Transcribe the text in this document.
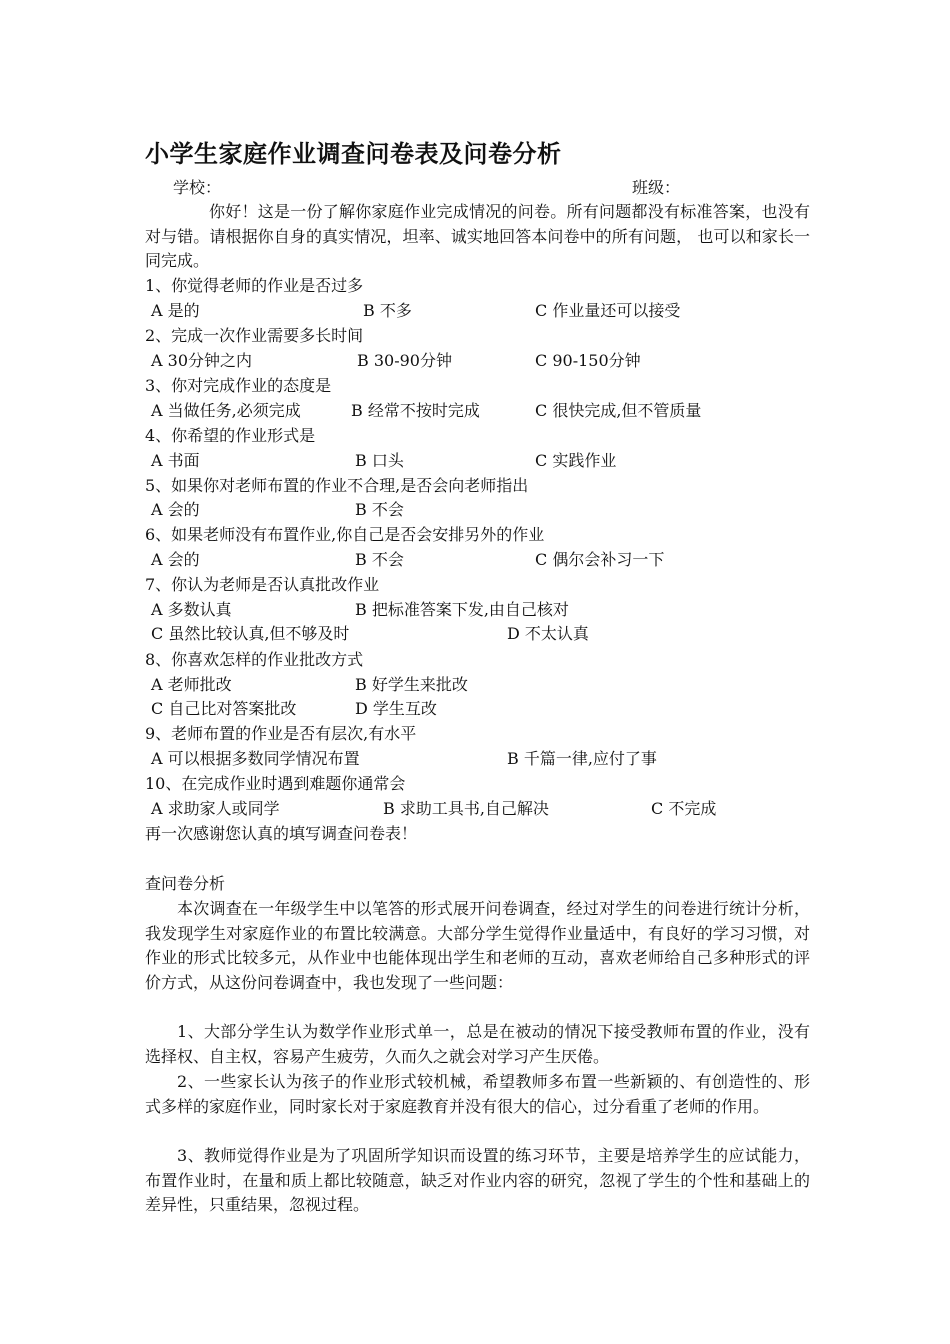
小学生家庭作业调查问卷表及问卷分析
学校：	班级：
你好！这是一份了解你家庭作业完成情况的问卷。所有问题都没有标准答案，也没有对与错。请根据你自身的真实情况，坦率、诚实地回答本问卷中的所有问题， 也可以和家长一同完成。
1、你觉得老师的作业是否过多
A 是的	B 不多	C 作业量还可以接受
2、完成一次作业需要多长时间
A 30分钟之内	B 30-90分钟	C 90-150分钟
3、你对完成作业的态度是
A 当做任务,必须完成	B 经常不按时完成	C 很快完成,但不管质量
4、你希望的作业形式是
A 书面	B 口头	C 实践作业
5、如果你对老师布置的作业不合理,是否会向老师指出
A 会的	B 不会
6、如果老师没有布置作业,你自己是否会安排另外的作业
A 会的	B 不会	C 偶尔会补习一下
7、你认为老师是否认真批改作业
A 多数认真	B 把标准答案下发,由自己核对
C 虽然比较认真,但不够及时	D 不太认真
8、你喜欢怎样的作业批改方式
A 老师批改	B 好学生来批改
C 自己比对答案批改	D 学生互改
9、老师布置的作业是否有层次,有水平
A 可以根据多数同学情况布置	B 千篇一律,应付了事
10、在完成作业时遇到难题你通常会
A 求助家人或同学	B 求助工具书,自己解决	C 不完成
再一次感谢您认真的填写调查问卷表！
查问卷分析
本次调查在一年级学生中以笔答的形式展开问卷调查，经过对学生的问卷进行统计分析，我发现学生对家庭作业的布置比较满意。大部分学生觉得作业量适中，有良好的学习习惯，对作业的形式比较多元，从作业中也能体现出学生和老师的互动，喜欢老师给自己多种形式的评价方式，从这份问卷调查中，我也发现了一些问题：
1、大部分学生认为数学作业形式单一，总是在被动的情况下接受教师布置的作业，没有选择权、自主权，容易产生疲劳，久而久之就会对学习产生厌倦。
2、一些家长认为孩子的作业形式较机械，希望教师多布置一些新颖的、有创造性的、形式多样的家庭作业，同时家长对于家庭教育并没有很大的信心，过分看重了老师的作用。
3、教师觉得作业是为了巩固所学知识而设置的练习环节，主要是培养学生的应试能力，布置作业时，在量和质上都比较随意，缺乏对作业内容的研究，忽视了学生的个性和基础上的差异性，只重结果，忽视过程。
